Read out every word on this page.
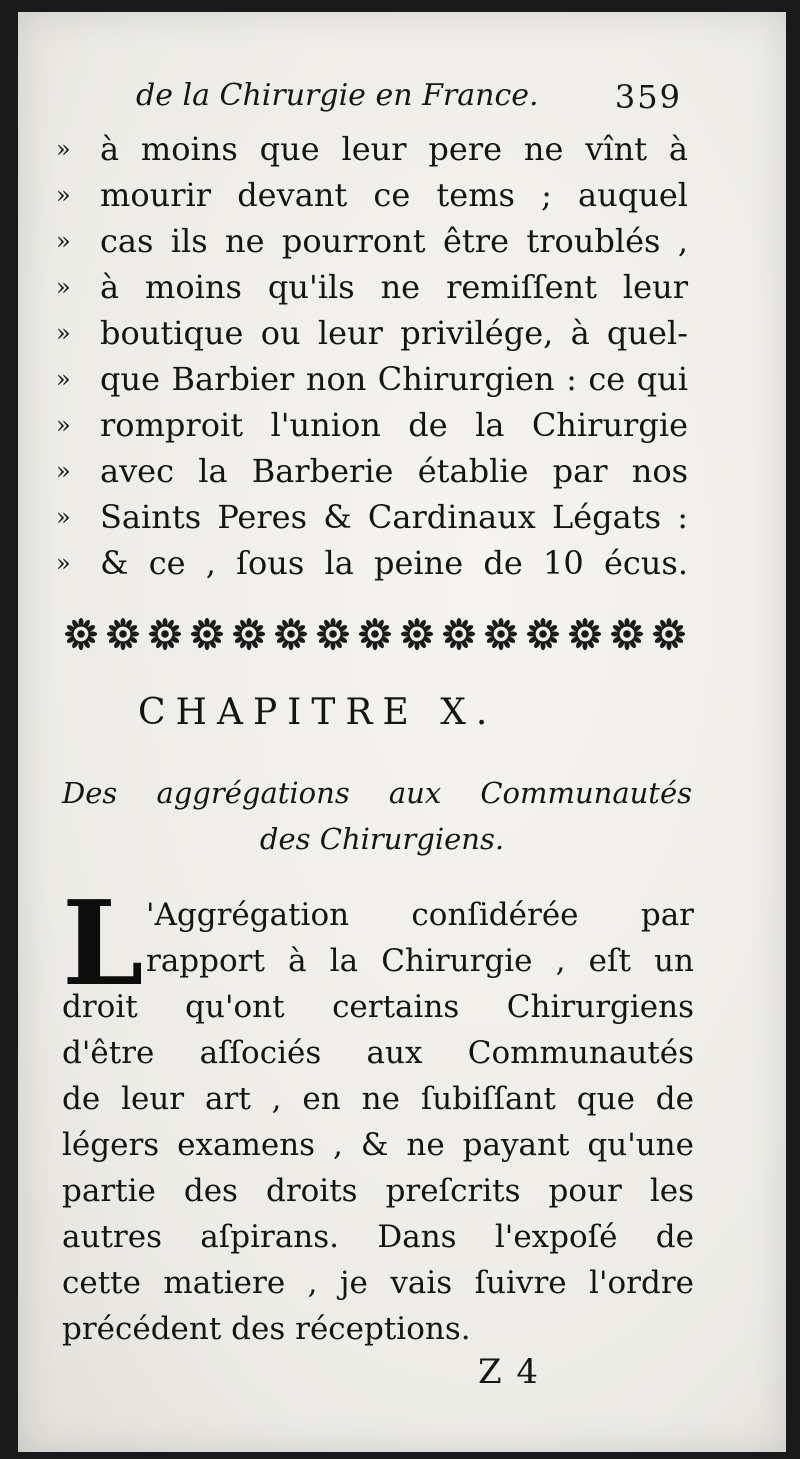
de la Chirurgie en France. 359
» à moins que leur pere ne vînt à
» mourir devant ce tems ; auquel
» cas ils ne pourront être troublés ,
» à moins qu'ils ne remiſſent leur
» boutique ou leur privilége, à quel-
» que Barbier non Chirurgien : ce qui
» romproit l'union de la Chirurgie
» avec la Barberie établie par nos
» Saints Peres & Cardinaux Légats :
» & ce , ſous la peine de 10 écus.
CHAPITRE X.
Des aggrégations aux Communautés
des Chirurgiens.
L 'Aggrégation conſidérée par
rapport à la Chirurgie , eſt un
droit qu'ont certains Chirurgiens
d'être aſſociés aux Communautés
de leur art , en ne ſubiſſant que de
légers examens , & ne payant qu'une
partie des droits preſcrits pour les
autres aſpirans. Dans l'expoſé de
cette matiere , je vais ſuivre l'ordre
précédent des réceptions.
Z 4
